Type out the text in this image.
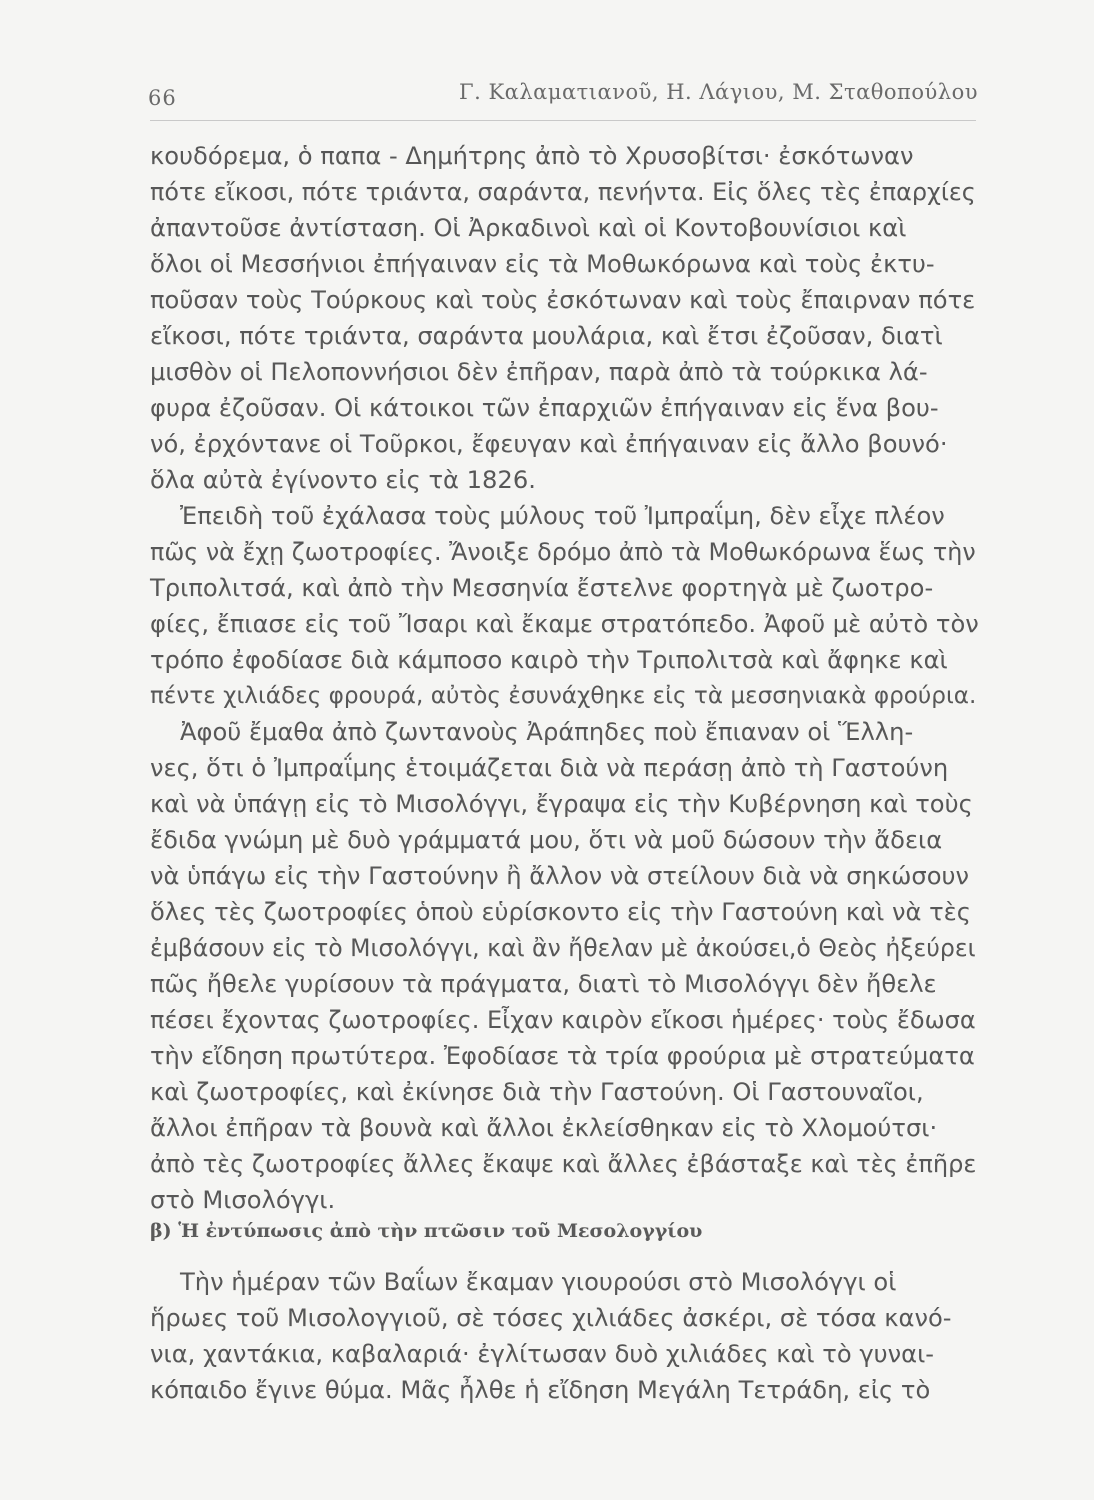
66	Γ. Καλαματιανοῦ, Η. Λάγιου, Μ. Σταθοπούλου
κουδόρεμα, ὁ παπα - Δημήτρης ἀπὸ τὸ Χρυσοβίτσι· ἐσκότωναν
πότε εἴκοσι, πότε τριάντα, σαράντα, πενήντα. Εἰς ὅλες τὲς ἐπαρχίες
ἀπαντοῦσε ἀντίσταση. Οἱ Ἀρκαδινοὶ καὶ οἱ Κοντοβουνίσιοι καὶ
ὅλοι οἱ Μεσσήνιοι ἐπήγαιναν εἰς τὰ Μοθωκόρωνα καὶ τοὺς ἐκτυ-
ποῦσαν τοὺς Τούρκους καὶ τοὺς ἐσκότωναν καὶ τοὺς ἔπαιρναν πότε
εἴκοσι, πότε τριάντα, σαράντα μουλάρια, καὶ ἔτσι ἐζοῦσαν, διατὶ
μισθὸν οἱ Πελοποννήσιοι δὲν ἐπῆραν, παρὰ ἀπὸ τὰ τούρκικα λά-
φυρα ἐζοῦσαν. Οἱ κάτοικοι τῶν ἐπαρχιῶν ἐπήγαιναν εἰς ἕνα βου-
νό, ἐρχόντανε οἱ Τοῦρκοι, ἔφευγαν καὶ ἐπήγαιναν εἰς ἄλλο βουνό·
ὅλα αὐτὰ ἐγίνοντο εἰς τὰ 1826.
Ἐπειδὴ τοῦ ἐχάλασα τοὺς μύλους τοῦ Ἰμπραΐμη, δὲν εἶχε πλέον
πῶς νὰ ἔχῃ ζωοτροφίες. Ἄνοιξε δρόμο ἀπὸ τὰ Μοθωκόρωνα ἕως τὴν
Τριπολιτσά, καὶ ἀπὸ τὴν Μεσσηνία ἔστελνε φορτηγὰ μὲ ζωοτρο-
φίες, ἔπιασε εἰς τοῦ Ἴσαρι καὶ ἔκαμε στρατόπεδο. Ἀφοῦ μὲ αὐτὸ τὸν
τρόπο ἐφοδίασε διὰ κάμποσο καιρὸ τὴν Τριπολιτσὰ καὶ ἄφηκε καὶ
πέντε χιλιάδες φρουρά, αὐτὸς ἐσυνάχθηκε εἰς τὰ μεσσηνιακὰ φρούρια.
Ἀφοῦ ἔμαθα ἀπὸ ζωντανοὺς Ἀράπηδες ποὺ ἔπιαναν οἱ Ἕλλη-
νες, ὅτι ὁ Ἰμπραΐμης ἑτοιμάζεται διὰ νὰ περάσῃ ἀπὸ τὴ Γαστούνη
καὶ νὰ ὑπάγῃ εἰς τὸ Μισολόγγι, ἔγραψα εἰς τὴν Κυβέρνηση καὶ τοὺς
ἔδιδα γνώμη μὲ δυὸ γράμματά μου, ὅτι νὰ μοῦ δώσουν τὴν ἄδεια
νὰ ὑπάγω εἰς τὴν Γαστούνην ἢ ἄλλον νὰ στείλουν διὰ νὰ σηκώσουν
ὅλες τὲς ζωοτροφίες ὁποὺ εὑρίσκοντο εἰς τὴν Γαστούνη καὶ νὰ τὲς
ἐμβάσουν εἰς τὸ Μισολόγγι, καὶ ἂν ἤθελαν μὲ ἀκούσει,ὁ Θεὸς ἠξεύρει
πῶς ἤθελε γυρίσουν τὰ πράγματα, διατὶ τὸ Μισολόγγι δὲν ἤθελε
πέσει ἔχοντας ζωοτροφίες. Εἶχαν καιρὸν εἴκοσι ἡμέρες· τοὺς ἔδωσα
τὴν εἴδηση πρωτύτερα. Ἐφοδίασε τὰ τρία φρούρια μὲ στρατεύματα
καὶ ζωοτροφίες, καὶ ἐκίνησε διὰ τὴν Γαστούνη. Οἱ Γαστουναῖοι,
ἄλλοι ἐπῆραν τὰ βουνὰ καὶ ἄλλοι ἐκλείσθηκαν εἰς τὸ Χλομούτσι·
ἀπὸ τὲς ζωοτροφίες ἄλλες ἔκαψε καὶ ἄλλες ἐβάσταξε καὶ τὲς ἐπῆρε
στὸ Μισολόγγι.
β) Ἡ ἐντύπωσις ἀπὸ τὴν πτῶσιν τοῦ Μεσολογγίου
Τὴν ἡμέραν τῶν Βαΐων ἔκαμαν γιουρούσι στὸ Μισολόγγι οἱ
ἥρωες τοῦ Μισολογγιοῦ, σὲ τόσες χιλιάδες ἀσκέρι, σὲ τόσα κανό-
νια, χαντάκια, καβαλαριά· ἐγλίτωσαν δυὸ χιλιάδες καὶ τὸ γυναι-
κόπαιδο ἔγινε θύμα. Μᾶς ἦλθε ἡ εἴδηση Μεγάλη Τετράδη, εἰς τὸ
